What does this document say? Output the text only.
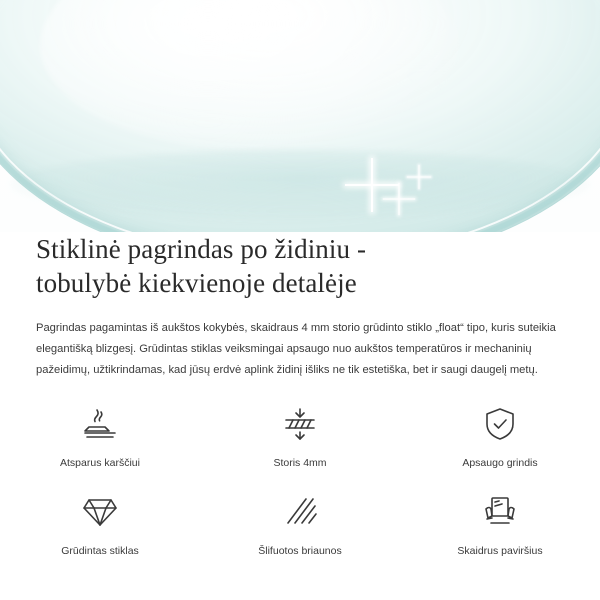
Stiklinė pagrindas po židiniu -
tobulybė kiekvienoje detalėje

Pagrindas pagamintas iš aukštos kokybės, skaidraus 4 mm storio grūdinto stiklo „float“ tipo, kuris suteikia elegantišką blizgesį. Grūdintas stiklas veiksmingai apsaugo nuo aukštos temperatūros ir mechaninių pažeidimų, užtikrindamas, kad jūsų erdvė aplink židinį išliks ne tik estetiška, bet ir saugi daugelį metų.

Atsparus karščiui	Storis 4mm	Apsaugo grindis
Grūdintas stiklas	Šlifuotos briaunos	Skaidrus paviršius
